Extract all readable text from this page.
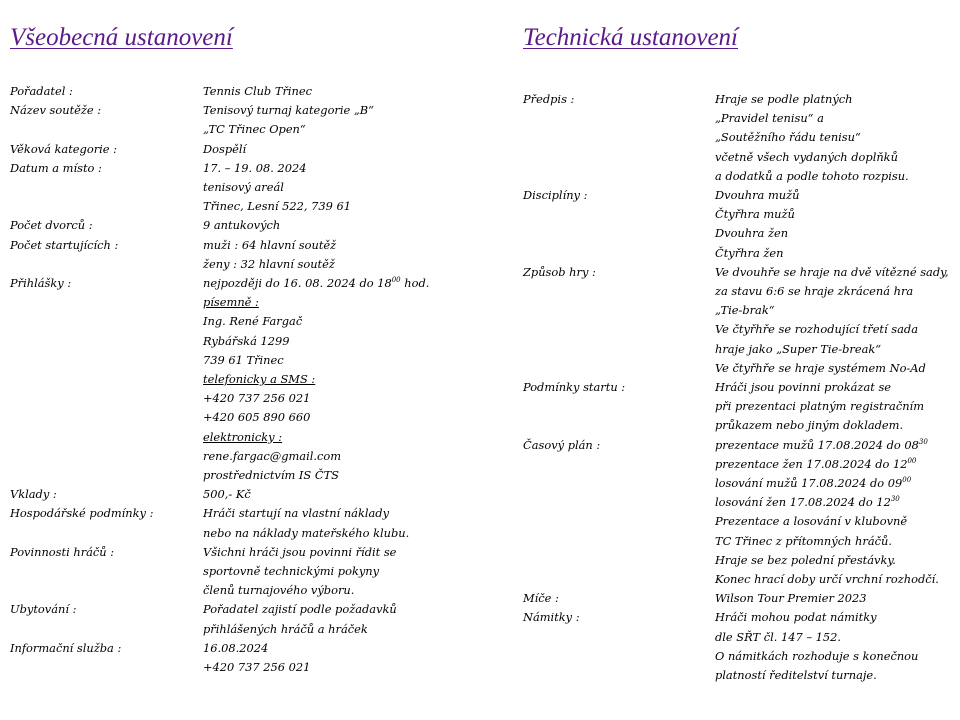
Všeobecná ustanovení
Pořadatel :	Tennis Club Třinec
Název soutěže :	Tenisový turnaj kategorie „B“
„TC Třinec Open“
Věková kategorie :	Dospělí
Datum a místo :	17. – 19. 08. 2024
tenisový areál
Třinec, Lesní 522, 739 61
Počet dvorců :	9 antukových
Počet startujících :	muži : 64 hlavní soutěž
ženy : 32 hlavní soutěž
Přihlášky :	nejpozději do 16. 08. 2024 do $18^{00}$ hod.
písemně :
Ing. René Fargač
Rybářská 1299
739 61 Třinec
telefonicky a SMS :
+420 737 256 021
+420 605 890 660
elektronicky :
rene.fargac@gmail.com
prostřednictvím IS ČTS
Vklady :	500,- Kč
Hospodářské podmínky :	Hráči startují na vlastní náklady
nebo na náklady mateřského klubu.
Povinnosti hráčů :	Všichni hráči jsou povinni řídit se
sportovně technickými pokyny
členů turnajového výboru.
Ubytování :	Pořadatel zajistí podle požadavků
přihlášených hráčů a hráček
Informační služba :	16.08.2024
+420 737 256 021
Technická ustanovení
Předpis :	Hraje se podle platných
„Pravidel tenisu“ a
„Soutěžního řádu tenisu“
včetně všech vydaných doplňků
a dodatků a podle tohoto rozpisu.
Disciplíny :	Dvouhra mužů
Čtyřhra mužů
Dvouhra žen
Čtyřhra žen
Způsob hry :	Ve dvouhře se hraje na dvě vítězné sady,
za stavu 6:6 se hraje zkrácená hra
„Tie-brak“
Ve čtyřhře se rozhodující třetí sada
hraje jako „Super Tie-break“
Ve čtyřhře se hraje systémem No-Ad
Podmínky startu :	Hráči jsou povinni prokázat se
při prezentaci platným registračním
průkazem nebo jiným dokladem.
Časový plán :	prezentace mužů 17.08.2024 do $08^{30}$
prezentace žen 17.08.2024 do $12^{00}$
losování mužů 17.08.2024 do $09^{00}$
losování žen 17.08.2024 do $12^{30}$
Prezentace a losování v klubovně
TC Třinec z přítomných hráčů.
Hraje se bez polední přestávky.
Konec hrací doby určí vrchní rozhodčí.
Míče :	Wilson Tour Premier 2023
Námitky :	Hráči mohou podat námitky
dle SŘT čl. 147 – 152.
O námitkách rozhoduje s konečnou
platností ředitelství turnaje.
